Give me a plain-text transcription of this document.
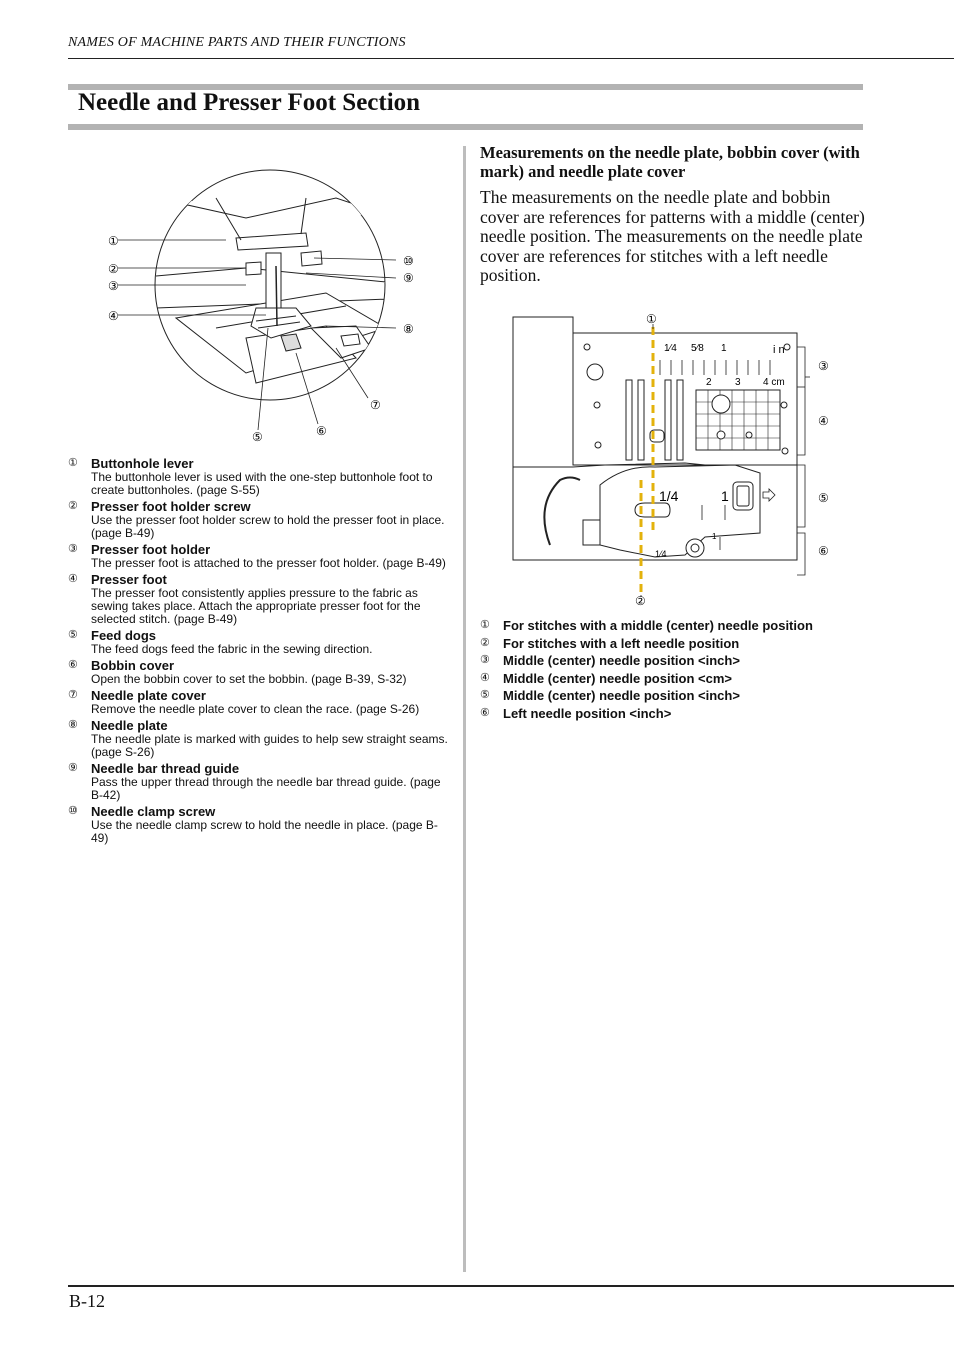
NAMES OF MACHINE PARTS AND THEIR FUNCTIONS
Needle and Presser Foot Section
①
②
③
④
⑤	⑥
⑦
⑧
⑨
⑩
① Buttonhole lever
The buttonhole lever is used with the one-step buttonhole foot to create buttonholes. (page S-55)
② Presser foot holder screw
Use the presser foot holder screw to hold the presser foot in place. (page B-49)
③ Presser foot holder
The presser foot is attached to the presser foot holder. (page B-49)
④ Presser foot
The presser foot consistently applies pressure to the fabric as sewing takes place. Attach the appropriate presser foot for the selected stitch. (page B-49)
⑤ Feed dogs
The feed dogs feed the fabric in the sewing direction.
⑥ Bobbin cover
Open the bobbin cover to set the bobbin. (page B-39, S-32)
⑦ Needle plate cover
Remove the needle plate cover to clean the race. (page S-26)
⑧ Needle plate
The needle plate is marked with guides to help sew straight seams. (page S-26)
⑨ Needle bar thread guide
Pass the upper thread through the needle bar thread guide. (page B-42)
⑩ Needle clamp screw
Use the needle clamp screw to hold the needle in place. (page B-49)
Measurements on the needle plate, bobbin cover (with mark) and needle plate cover
The measurements on the needle plate and bobbin cover are references for patterns with a middle (center) needle position. The measurements on the needle plate cover are references for stitches with a left needle position.
①
②
③
④
⑤
⑥
1⁄4 5⁄8 1	i n
2 3 4 cm
1/4	1
1⁄4
1
① For stitches with a middle (center) needle position
② For stitches with a left needle position
③ Middle (center) needle position <inch>
④ Middle (center) needle position <cm>
⑤ Middle (center) needle position <inch>
⑥ Left needle position <inch>
B-12
